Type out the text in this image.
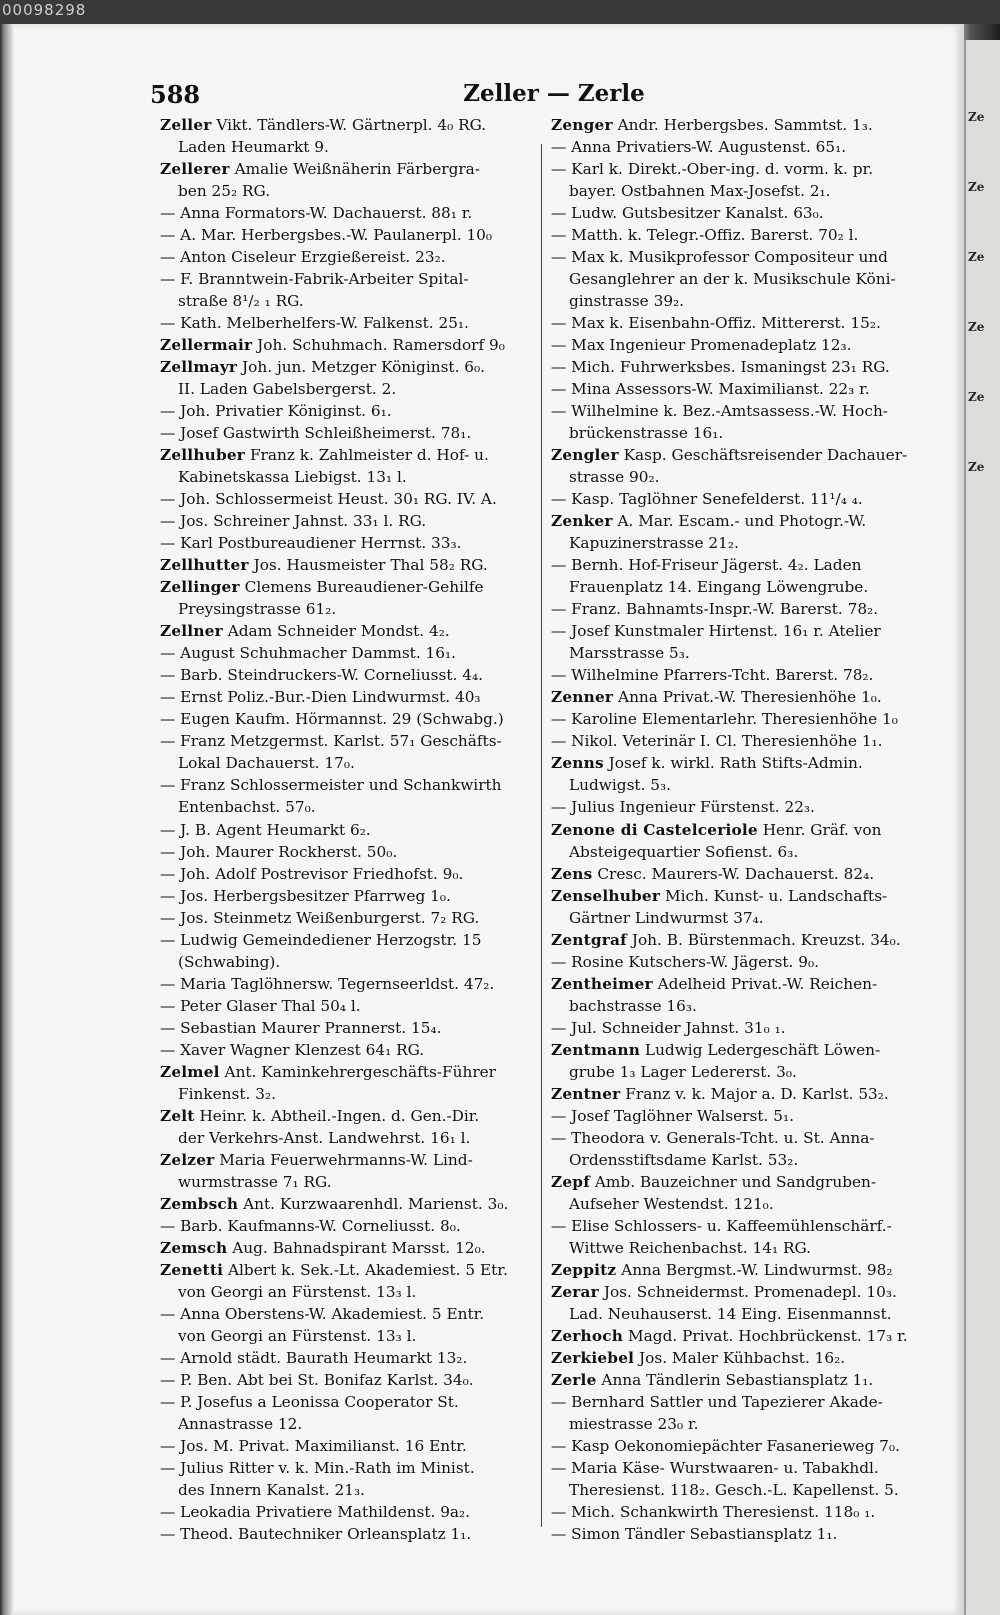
00098298
588	Zeller — Zerle
Zeller Vikt. Tändlers-W. Gärtnerpl. 4₀ RG.
Laden Heumarkt 9.
Zellerer Amalie Weißnäherin Färbergra-
ben 25₂ RG.
— Anna Formators-W. Dachauerst. 88₁ r.
— A. Mar. Herbergsbes.-W. Paulanerpl. 10₀
— Anton Ciseleur Erzgießereist. 23₂.
— F. Branntwein-Fabrik-Arbeiter Spital-
straße 8¹/₂ ₁ RG.
— Kath. Melberhelfers-W. Falkenst. 25₁.
Zellermair Joh. Schuhmach. Ramersdorf 9₀
Zellmayr Joh. jun. Metzger Königinst. 6₀.
II. Laden Gabelsbergerst. 2.
— Joh. Privatier Königinst. 6₁.
— Josef Gastwirth Schleißheimerst. 78₁.
Zellhuber Franz k. Zahlmeister d. Hof- u.
Kabinetskassa Liebigst. 13₁ l.
— Joh. Schlossermeist Heust. 30₁ RG. IV. A.
— Jos. Schreiner Jahnst. 33₁ l. RG.
— Karl Postbureaudiener Herrnst. 33₃.
Zellhutter Jos. Hausmeister Thal 58₂ RG.
Zellinger Clemens Bureaudiener-Gehilfe
Preysingstrasse 61₂.
Zellner Adam Schneider Mondst. 4₂.
— August Schuhmacher Dammst. 16₁.
— Barb. Steindruckers-W. Corneliusst. 4₄.
— Ernst Poliz.-Bur.-Dien Lindwurmst. 40₃
— Eugen Kaufm. Hörmannst. 29 (Schwabg.)
— Franz Metzgermst. Karlst. 57₁ Geschäfts-
Lokal Dachauerst. 17₀.
— Franz Schlossermeister und Schankwirth
Entenbachst. 57₀.
— J. B. Agent Heumarkt 6₂.
— Joh. Maurer Rockherst. 50₀.
— Joh. Adolf Postrevisor Friedhofst. 9₀.
— Jos. Herbergsbesitzer Pfarrweg 1₀.
— Jos. Steinmetz Weißenburgerst. 7₂ RG.
— Ludwig Gemeindediener Herzogstr. 15
(Schwabing).
— Maria Taglöhnersw. Tegernseerldst. 47₂.
— Peter Glaser Thal 50₄ l.
— Sebastian Maurer Prannerst. 15₄.
— Xaver Wagner Klenzest 64₁ RG.
Zelmel Ant. Kaminkehrergeschäfts-Führer
Finkenst. 3₂.
Zelt Heinr. k. Abtheil.-Ingen. d. Gen.-Dir.
der Verkehrs-Anst. Landwehrst. 16₁ l.
Zelzer Maria Feuerwehrmanns-W. Lind-
wurmstrasse 7₁ RG.
Zembsch Ant. Kurzwaarenhdl. Marienst. 3₀.
— Barb. Kaufmanns-W. Corneliusst. 8₀.
Zemsch Aug. Bahnadspirant Marsst. 12₀.
Zenetti Albert k. Sek.-Lt. Akademiest. 5 Etr.
von Georgi an Fürstenst. 13₃ l.
— Anna Oberstens-W. Akademiest. 5 Entr.
von Georgi an Fürstenst. 13₃ l.
— Arnold städt. Baurath Heumarkt 13₂.
— P. Ben. Abt bei St. Bonifaz Karlst. 34₀.
— P. Josefus a Leonissa Cooperator St.
Annastrasse 12.
— Jos. M. Privat. Maximilianst. 16 Entr.
— Julius Ritter v. k. Min.-Rath im Minist.
des Innern Kanalst. 21₃.
— Leokadia Privatiere Mathildenst. 9a₂.
— Theod. Bautechniker Orleansplatz 1₁.
Zenger Andr. Herbergsbes. Sammtst. 1₃.
— Anna Privatiers-W. Augustenst. 65₁.
— Karl k. Direkt.-Ober-ing. d. vorm. k. pr.
bayer. Ostbahnen Max-Josefst. 2₁.
— Ludw. Gutsbesitzer Kanalst. 63₀.
— Matth. k. Telegr.-Offiz. Barerst. 70₂ l.
— Max k. Musikprofessor Compositeur und
Gesanglehrer an der k. Musikschule Köni-
ginstrasse 39₂.
— Max k. Eisenbahn-Offiz. Mittererst. 15₂.
— Max Ingenieur Promenadeplatz 12₃.
— Mich. Fuhrwerksbes. Ismaningst 23₁ RG.
— Mina Assessors-W. Maximilianst. 22₃ r.
— Wilhelmine k. Bez.-Amtsassess.-W. Hoch-
brückenstrasse 16₁.
Zengler Kasp. Geschäftsreisender Dachauer-
strasse 90₂.
— Kasp. Taglöhner Senefelderst. 11¹/₄ ₄.
Zenker A. Mar. Escam.- und Photogr.-W.
Kapuzinerstrasse 21₂.
— Bernh. Hof-Friseur Jägerst. 4₂. Laden
Frauenplatz 14. Eingang Löwengrube.
— Franz. Bahnamts-Inspr.-W. Barerst. 78₂.
— Josef Kunstmaler Hirtenst. 16₁ r. Atelier
Marsstrasse 5₃.
— Wilhelmine Pfarrers-Tcht. Barerst. 78₂.
Zenner Anna Privat.-W. Theresienhöhe 1₀.
— Karoline Elementarlehr. Theresienhöhe 1₀
— Nikol. Veterinär I. Cl. Theresienhöhe 1₁.
Zenns Josef k. wirkl. Rath Stifts-Admin.
Ludwigst. 5₃.
— Julius Ingenieur Fürstenst. 22₃.
Zenone di Castelceriole Henr. Gräf. von
Absteigequartier Sofienst. 6₃.
Zens Cresc. Maurers-W. Dachauerst. 82₄.
Zenselhuber Mich. Kunst- u. Landschafts-
Gärtner Lindwurmst 37₄.
Zentgraf Joh. B. Bürstenmach. Kreuzst. 34₀.
— Rosine Kutschers-W. Jägerst. 9₀.
Zentheimer Adelheid Privat.-W. Reichen-
bachstrasse 16₃.
— Jul. Schneider Jahnst. 31₀ ₁.
Zentmann Ludwig Ledergeschäft Löwen-
grube 1₃ Lager Ledererst. 3₀.
Zentner Franz v. k. Major a. D. Karlst. 53₂.
— Josef Taglöhner Walserst. 5₁.
— Theodora v. Generals-Tcht. u. St. Anna-
Ordensstiftsdame Karlst. 53₂.
Zepf Amb. Bauzeichner und Sandgruben-
Aufseher Westendst. 121₀.
— Elise Schlossers- u. Kaffeemühlenschärf.-
Wittwe Reichenbachst. 14₁ RG.
Zeppitz Anna Bergmst.-W. Lindwurmst. 98₂
Zerar Jos. Schneidermst. Promenadepl. 10₃.
Lad. Neuhauserst. 14 Eing. Eisenmannst.
Zerhoch Magd. Privat. Hochbrückenst. 17₃ r.
Zerkiebel Jos. Maler Kühbachst. 16₂.
Zerle Anna Tändlerin Sebastiansplatz 1₁.
— Bernhard Sattler und Tapezierer Akade-
miestrasse 23₀ r.
— Kasp Oekonomiepächter Fasanerieweg 7₀.
— Maria Käse- Wurstwaaren- u. Tabakhdl.
Theresienst. 118₂. Gesch.-L. Kapellenst. 5.
— Mich. Schankwirth Theresienst. 118₀ ₁.
— Simon Tändler Sebastiansplatz 1₁.
Ze
Ze
Ze
Ze
Ze
Ze
